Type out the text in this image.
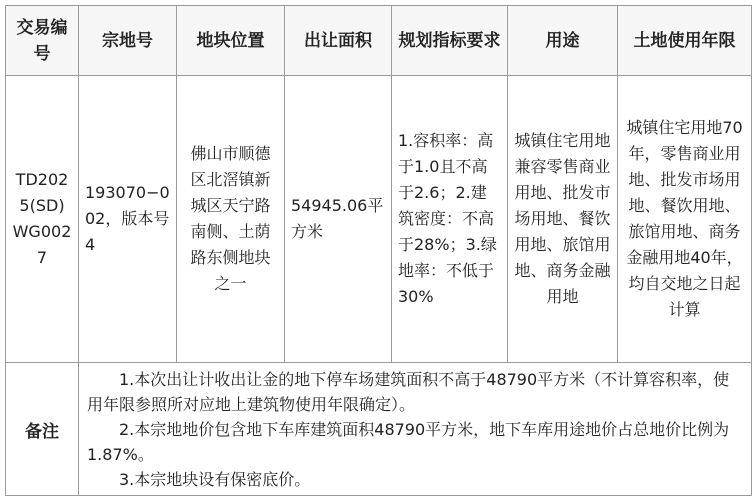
交易编号	宗地号	地块位置	出让面积	规划指标要求	用途	土地使用年限
TD2025(SD)WG0027	193070−002，版本号4	佛山市顺德区北滘镇新城区天宁路南侧、土荫路东侧地块之一	54945.06平方米	1.容积率：高于1.0且不高于2.6；2.建筑密度：不高于28%；3.绿地率：不低于30%	城镇住宅用地兼容零售商业用地、批发市场用地、餐饮用地、旅馆用地、商务金融用地	城镇住宅用地70年，零售商业用地、批发市场用地、餐饮用地、旅馆用地、商务金融用地40年，均自交地之日起计算
备注	1.本次出让计收出让金的地下停车场建筑面积不高于48790平方米（不计算容积率，使用年限参照所对应地上建筑物使用年限确定）。

2.本宗地地价包含地下车库建筑面积48790平方米，地下车库用途地价占总地价比例为1.87%。

3.本宗地块设有保密底价。					
